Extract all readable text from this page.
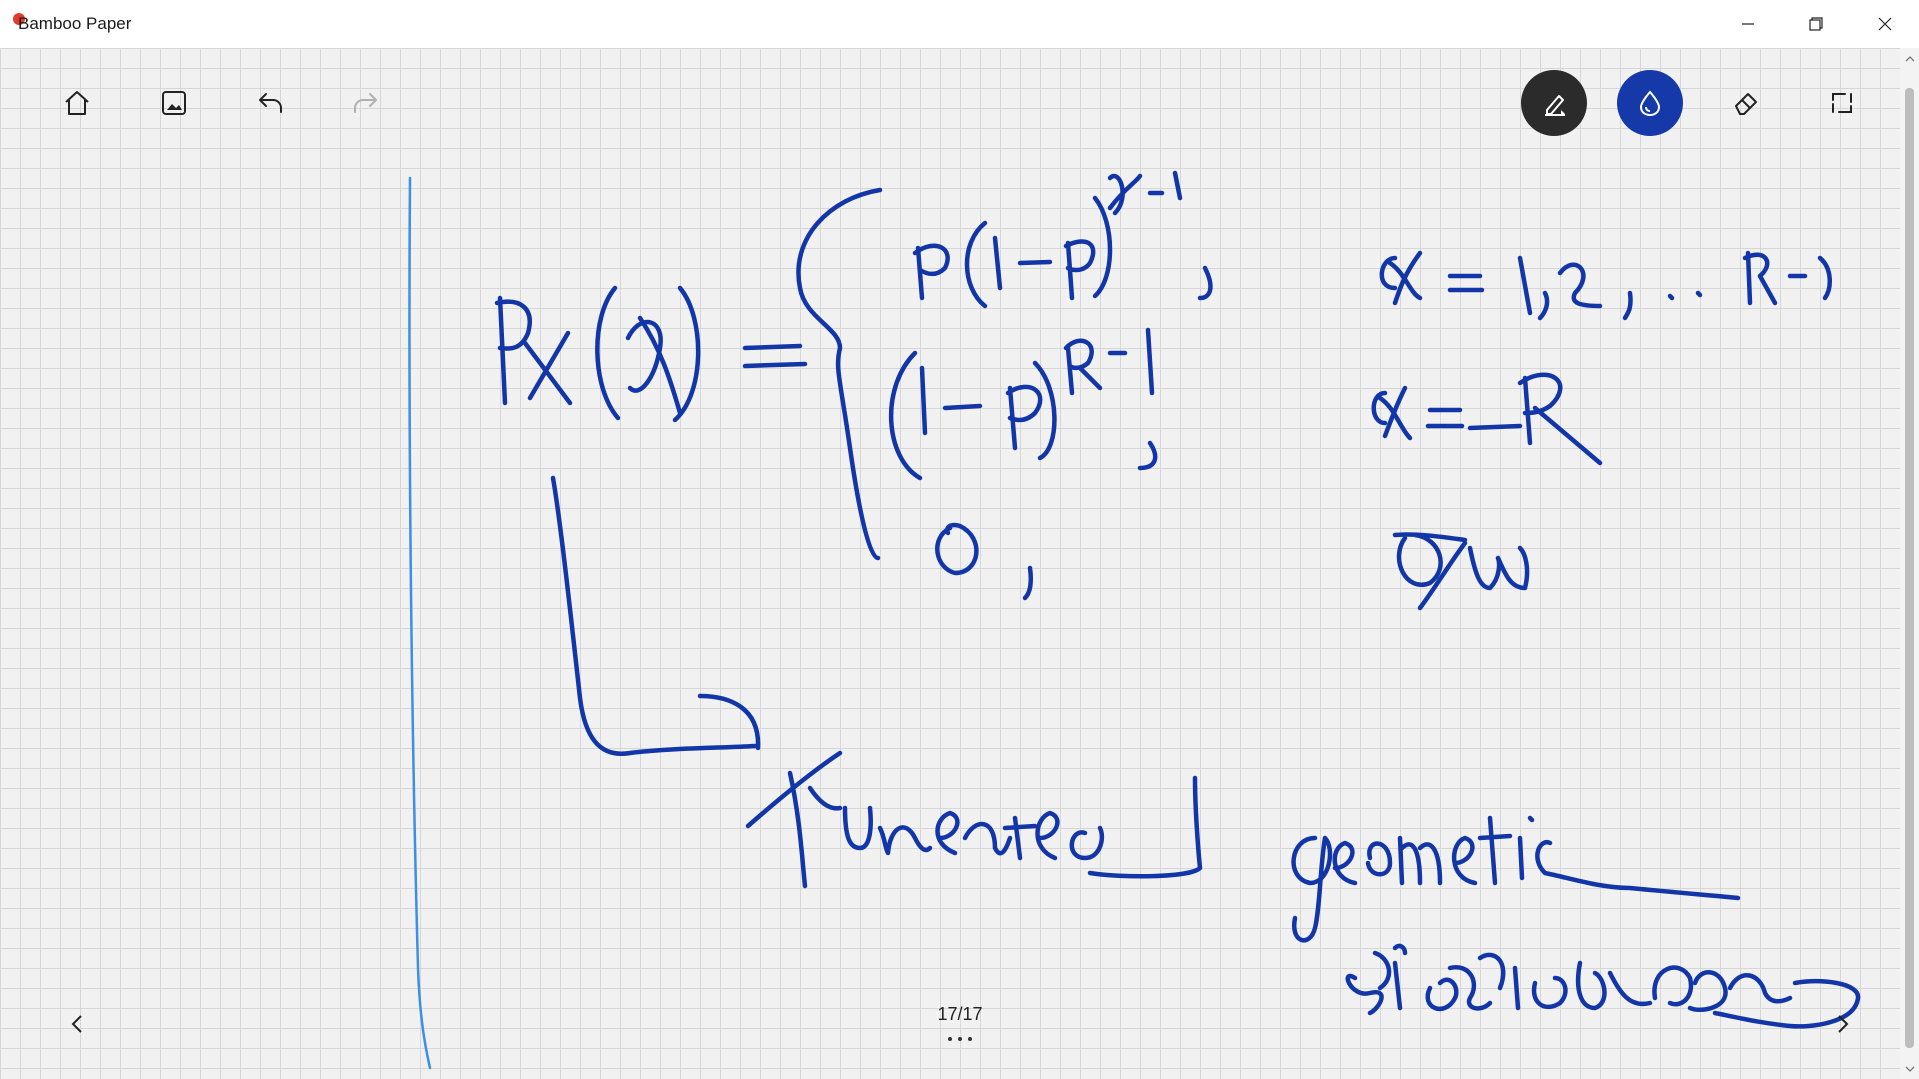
Bamboo Paper
17/17
